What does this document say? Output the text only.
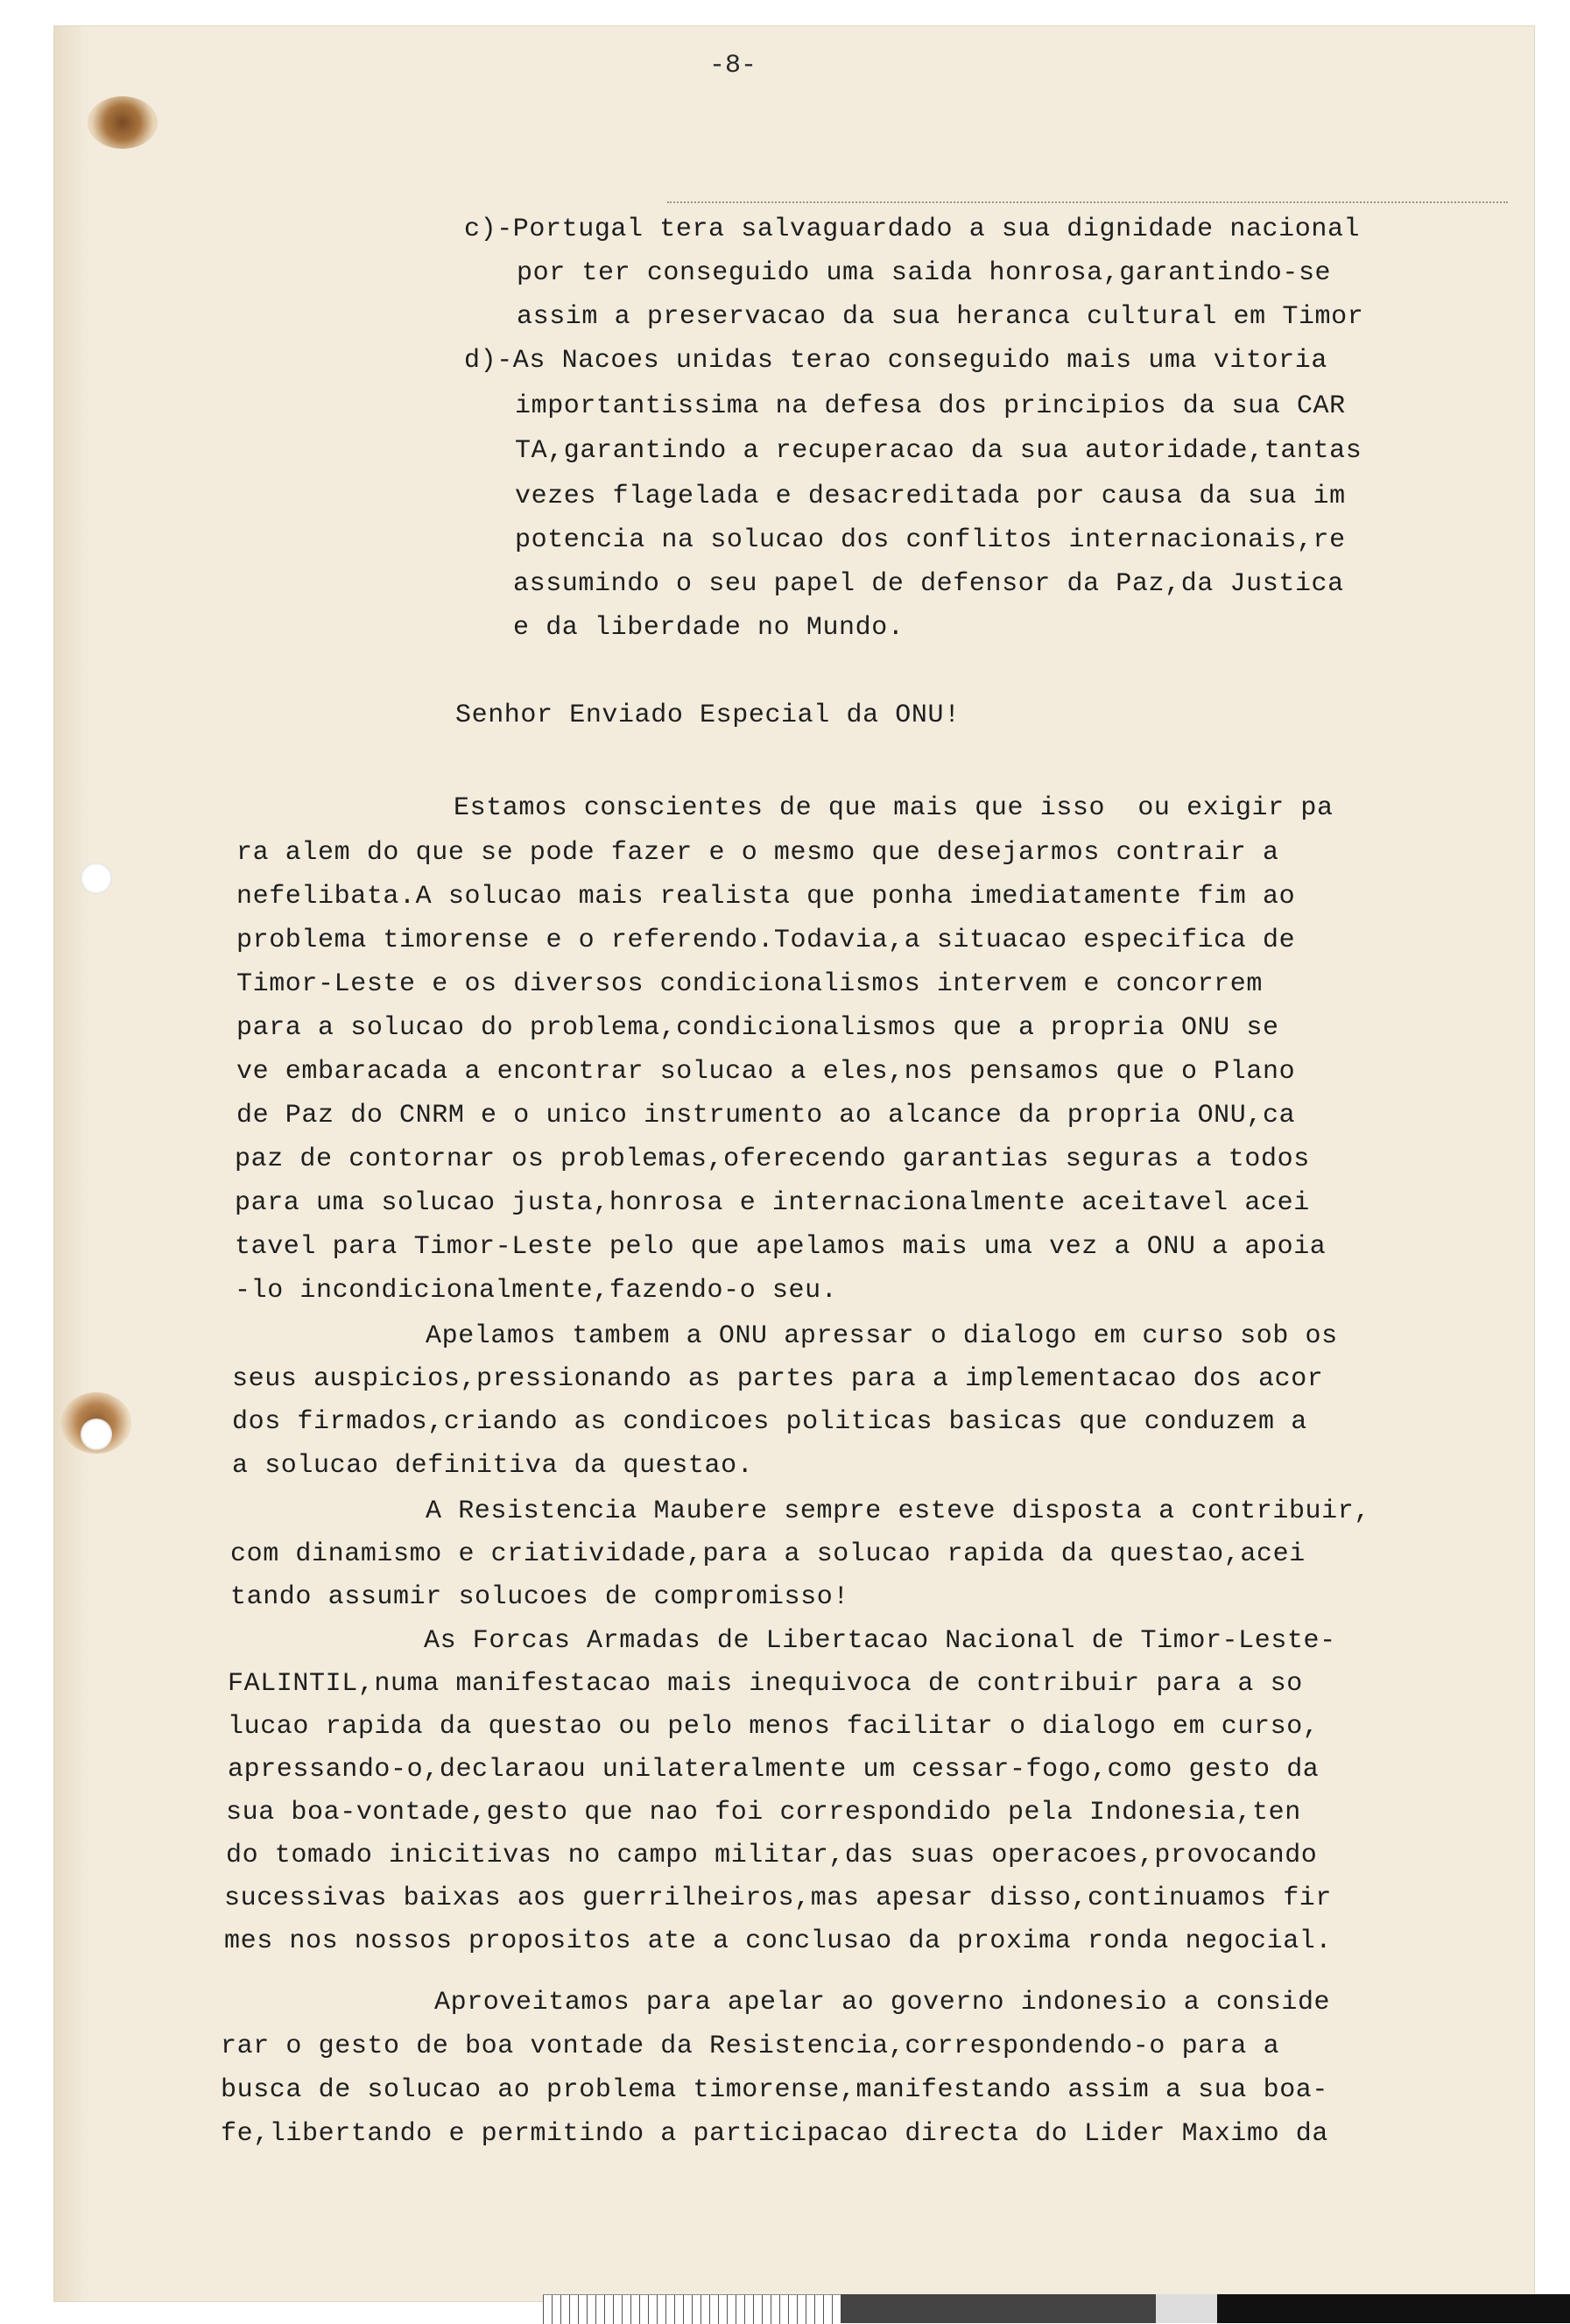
-8-
c)-Portugal tera salvaguardado a sua dignidade nacional
por ter conseguido uma saida honrosa,garantindo-se
assim a preservacao da sua heranca cultural em Timor
d)-As Nacoes unidas terao conseguido mais uma vitoria
importantissima na defesa dos principios da sua CAR
TA,garantindo a recuperacao da sua autoridade,tantas
vezes flagelada e desacreditada por causa da sua im
potencia na solucao dos conflitos internacionais,re
assumindo o seu papel de defensor da Paz,da Justica
e da liberdade no Mundo.
Senhor Enviado Especial da ONU!
Estamos conscientes de que mais que isso  ou exigir pa
ra alem do que se pode fazer e o mesmo que desejarmos contrair a
nefelibata.A solucao mais realista que ponha imediatamente fim ao
problema timorense e o referendo.Todavia,a situacao especifica de
Timor-Leste e os diversos condicionalismos intervem e concorrem
para a solucao do problema,condicionalismos que a propria ONU se
ve embaracada a encontrar solucao a eles,nos pensamos que o Plano
de Paz do CNRM e o unico instrumento ao alcance da propria ONU,ca
paz de contornar os problemas,oferecendo garantias seguras a todos
para uma solucao justa,honrosa e internacionalmente aceitavel acei
tavel para Timor-Leste pelo que apelamos mais uma vez a ONU a apoia
-lo incondicionalmente,fazendo-o seu.
Apelamos tambem a ONU apressar o dialogo em curso sob os
seus auspicios,pressionando as partes para a implementacao dos acor
dos firmados,criando as condicoes politicas basicas que conduzem a
a solucao definitiva da questao.
A Resistencia Maubere sempre esteve disposta a contribuir,
com dinamismo e criatividade,para a solucao rapida da questao,acei
tando assumir solucoes de compromisso!
As Forcas Armadas de Libertacao Nacional de Timor-Leste-
FALINTIL,numa manifestacao mais inequivoca de contribuir para a so
lucao rapida da questao ou pelo menos facilitar o dialogo em curso,
apressando-o,declaraou unilateralmente um cessar-fogo,como gesto da
sua boa-vontade,gesto que nao foi correspondido pela Indonesia,ten
do tomado inicitivas no campo militar,das suas operacoes,provocando
sucessivas baixas aos guerrilheiros,mas apesar disso,continuamos fir
mes nos nossos propositos ate a conclusao da proxima ronda negocial.
Aproveitamos para apelar ao governo indonesio a conside
rar o gesto de boa vontade da Resistencia,correspondendo-o para a
busca de solucao ao problema timorense,manifestando assim a sua boa-
fe,libertando e permitindo a participacao directa do Lider Maximo da
